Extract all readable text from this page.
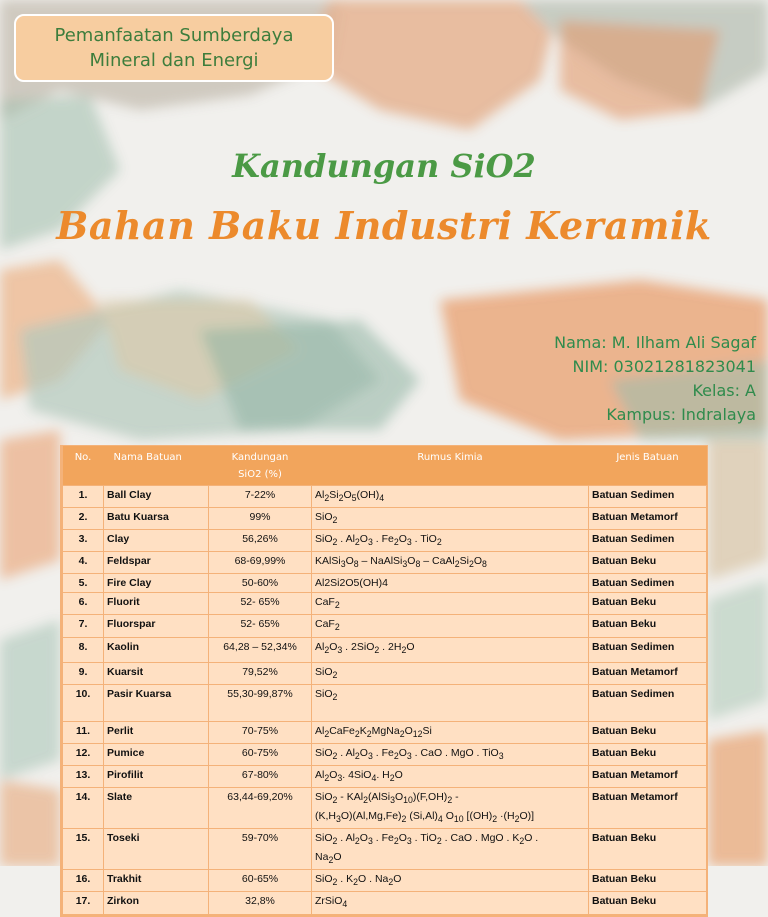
Pemanfaatan Sumberdaya
Mineral dan Energi
Kandungan SiO2
Bahan Baku Industri Keramik
Nama: M. Ilham Ali Sagaf
NIM: 03021281823041
Kelas: A
Kampus: Indralaya
No.	Nama Batuan	Kandungan
SiO2 (%)	Rumus Kimia	Jenis Batuan
1.	Ball Clay	7-22%	$Al_2Si_2O_5(OH)_4$	Batuan Sedimen
2.	Batu Kuarsa	99%	SiO$_2$	Batuan Metamorf
3.	Clay	56,26%	SiO$_2$ . $Al_2O_3$ . $Fe_2O_3$ . TiO$_2$	Batuan Sedimen
4.	Feldspar	68-69,99%	$KAlSi_3O_8$ – $NaAlSi_3O_8$ – $CaAl_2Si_2O_8$	Batuan Beku
5.	Fire Clay	50-60%	Al2Si2O5(OH)4	Batuan Sedimen
6.	Fluorit	52- 65%	CaF$_2$	Batuan Beku
7.	Fluorspar	52- 65%	CaF$_2$	Batuan Beku
8.	Kaolin	64,28 – 52,34%	$Al_2O_3$ . 2SiO$_2$ . $2H_2O$	Batuan Sedimen
9.	Kuarsit	79,52%	SiO$_2$	Batuan Metamorf
10.	Pasir Kuarsa	55,30-99,87%	SiO$_2$	Batuan Sedimen
11.	Perlit	70-75%	$Al_2CaFe_2K_2MgNa_2O_{12}Si$	Batuan Beku
12.	Pumice	60-75%	SiO$_2$ . $Al_2O_3$ . $Fe_2O_3$ . CaO . MgO . TiO$_3$	Batuan Beku
13.	Pirofilit	67-80%	$Al_2O_3$. 4SiO$_4$. $H_2O$	Batuan Metamorf
14.	Slate	63,44-69,20%	$SiO_2 - KAl_2(AlSi_3O_{10})(F,OH)_2$ -
$(K,H_3O)(Al,Mg,Fe)_2$ $(Si,Al)_4$ $O_{10}$ $[(OH)_2 \cdot(H_2O)]$	Batuan Metamorf
15.	Toseki	59-70%	SiO$_2$ . $Al_2O_3$ . $Fe_2O_3$ . TiO$_2$ . CaO . MgO . $K_2O$ .
$Na_2O$	Batuan Beku
16.	Trakhit	60-65%	SiO$_2$ . $K_2O$ . $Na_2O$	Batuan Beku
17.	Zirkon	32,8%	ZrSiO$_4$	Batuan Beku
